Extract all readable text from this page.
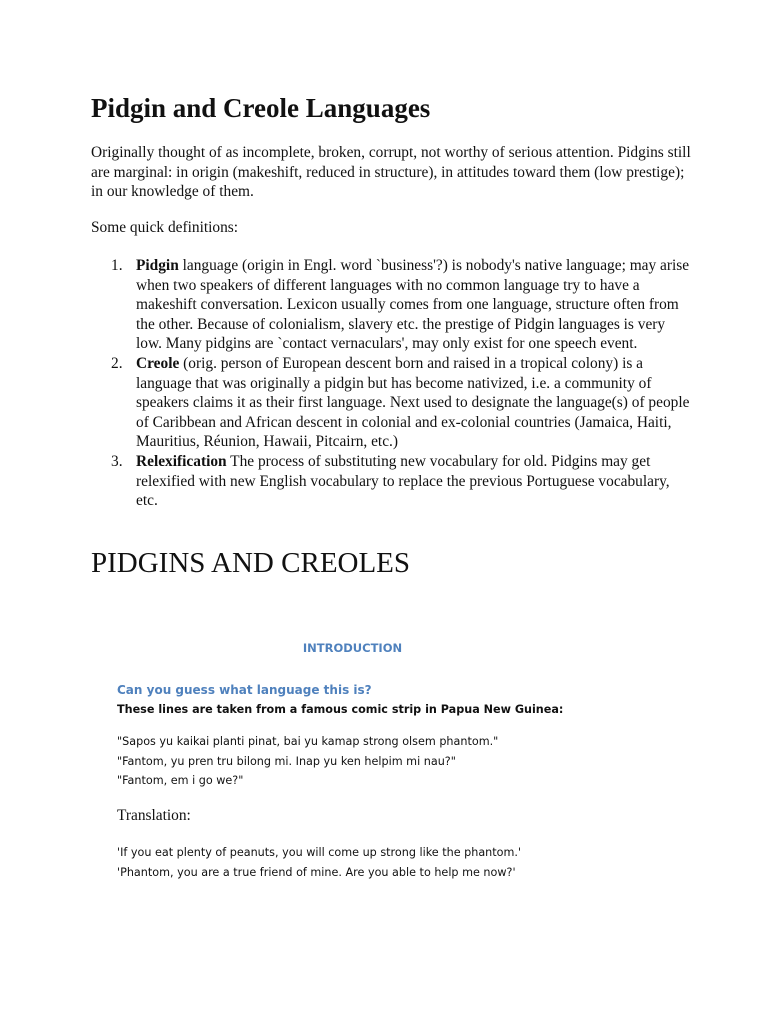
Pidgin and Creole Languages

Originally thought of as incomplete, broken, corrupt, not worthy of serious attention. Pidgins still are marginal: in origin (makeshift, reduced in structure), in attitudes toward them (low prestige); in our knowledge of them.

Some quick definitions:

1. Pidgin language (origin in Engl. word `business'?) is nobody's native language; may arise when two speakers of different languages with no common language try to have a makeshift conversation. Lexicon usually comes from one language, structure often from the other. Because of colonialism, slavery etc. the prestige of Pidgin languages is very low. Many pidgins are `contact vernaculars', may only exist for one speech event.
2. Creole (orig. person of European descent born and raised in a tropical colony) is a language that was originally a pidgin but has become nativized, i.e. a community of speakers claims it as their first language. Next used to designate the language(s) of people of Caribbean and African descent in colonial and ex-colonial countries (Jamaica, Haiti, Mauritius, Réunion, Hawaii, Pitcairn, etc.)
3. Relexification The process of substituting new vocabulary for old. Pidgins may get relexified with new English vocabulary to replace the previous Portuguese vocabulary, etc.
PIDGINS AND CREOLES

INTRODUCTION

Can you guess what language this is?

These lines are taken from a famous comic strip in Papua New Guinea:

"Sapos yu kaikai planti pinat, bai yu kamap strong olsem phantom."
"Fantom, yu pren tru bilong mi. Inap yu ken helpim mi nau?"
"Fantom, em i go we?"

Translation:

'If you eat plenty of peanuts, you will come up strong like the phantom.'
'Phantom, you are a true friend of mine. Are you able to help me now?'
